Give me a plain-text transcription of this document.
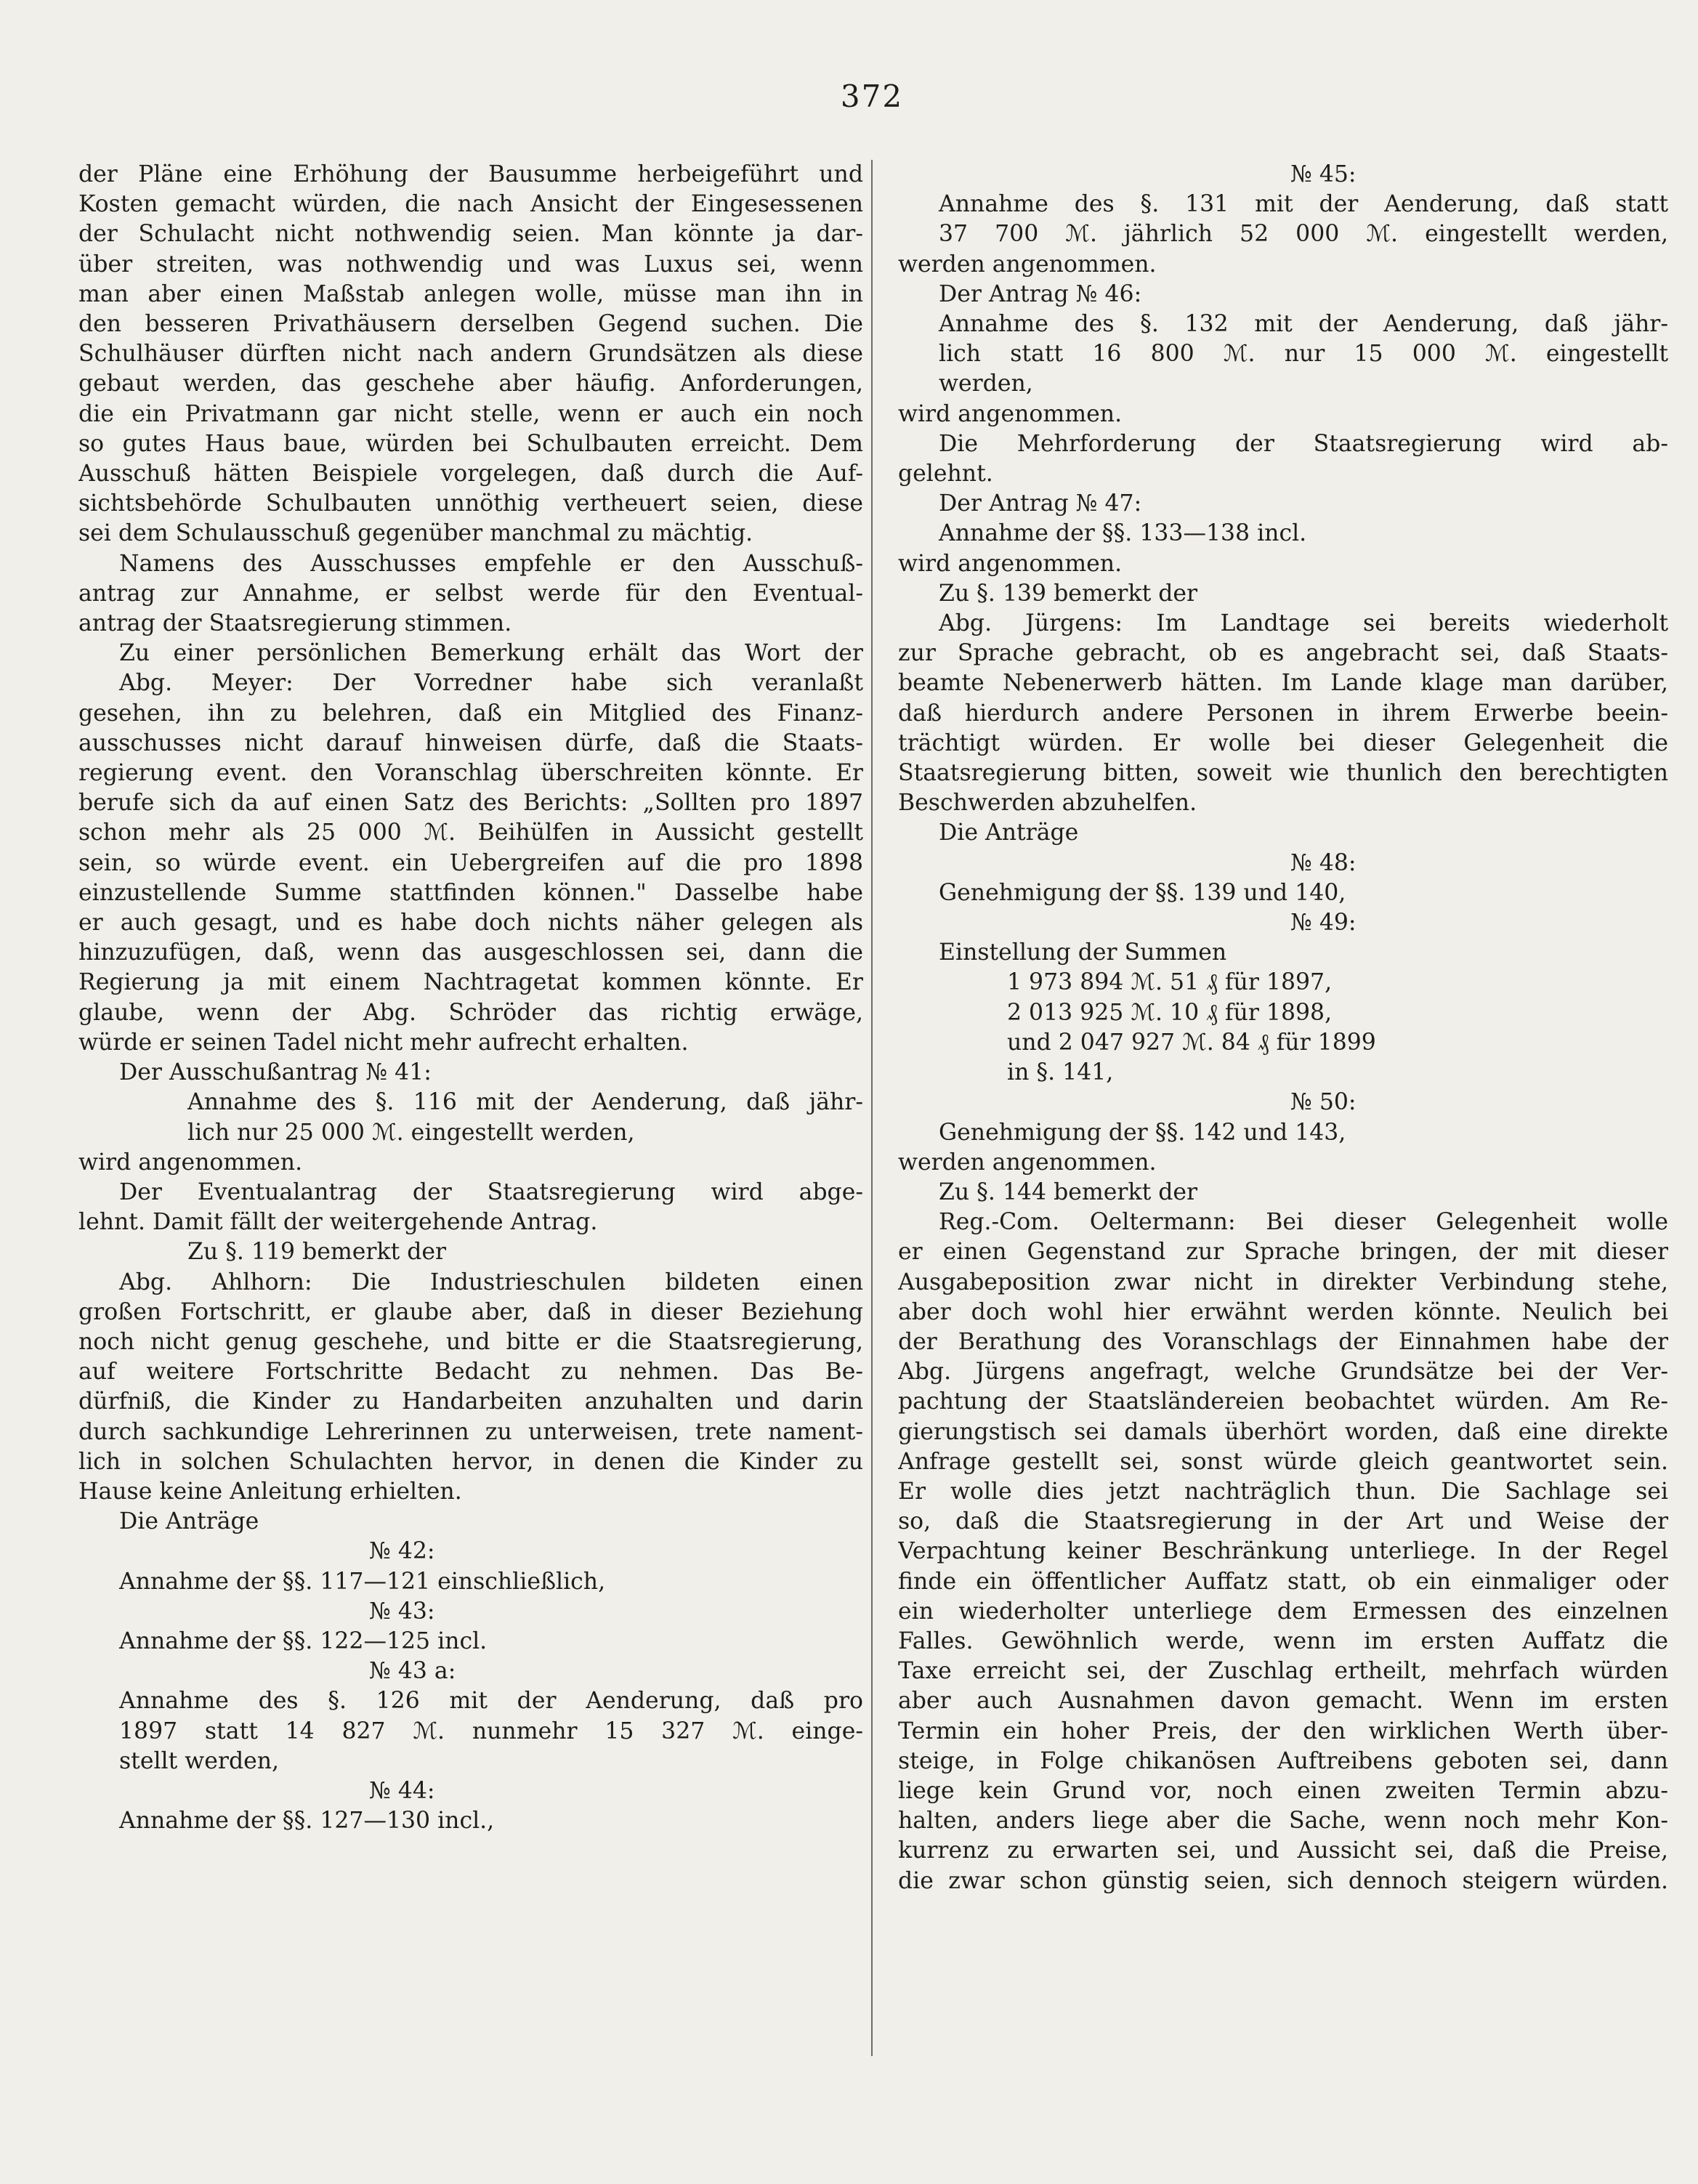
372
der Pläne eine Erhöhung der Bausumme herbeigeführt und
Kosten gemacht würden, die nach Ansicht der Eingesessenen
der Schulacht nicht nothwendig seien. Man könnte ja dar-
über streiten, was nothwendig und was Luxus sei, wenn
man aber einen Maßstab anlegen wolle, müsse man ihn in
den besseren Privathäusern derselben Gegend suchen. Die
Schulhäuser dürften nicht nach andern Grundsätzen als diese
gebaut werden, das geschehe aber häufig. Anforderungen,
die ein Privatmann gar nicht stelle, wenn er auch ein noch
so gutes Haus baue, würden bei Schulbauten erreicht. Dem
Ausschuß hätten Beispiele vorgelegen, daß durch die Auf-
sichtsbehörde Schulbauten unnöthig vertheuert seien, diese
sei dem Schulausschuß gegenüber manchmal zu mächtig.
Namens des Ausschusses empfehle er den Ausschuß-
antrag zur Annahme, er selbst werde für den Eventual-
antrag der Staatsregierung stimmen.
Zu einer persönlichen Bemerkung erhält das Wort der
Abg. Meyer: Der Vorredner habe sich veranlaßt
gesehen, ihn zu belehren, daß ein Mitglied des Finanz-
ausschusses nicht darauf hinweisen dürfe, daß die Staats-
regierung event. den Voranschlag überschreiten könnte. Er
berufe sich da auf einen Satz des Berichts: „Sollten pro 1897
schon mehr als 25 000 ℳ. Beihülfen in Aussicht gestellt
sein, so würde event. ein Uebergreifen auf die pro 1898
einzustellende Summe stattfinden können." Dasselbe habe
er auch gesagt, und es habe doch nichts näher gelegen als
hinzuzufügen, daß, wenn das ausgeschlossen sei, dann die
Regierung ja mit einem Nachtragetat kommen könnte. Er
glaube, wenn der Abg. Schröder das richtig erwäge,
würde er seinen Tadel nicht mehr aufrecht erhalten.
Der Ausschußantrag № 41:
Annahme des §. 116 mit der Aenderung, daß jähr-
lich nur 25 000 ℳ. eingestellt werden,
wird angenommen.
Der Eventualantrag der Staatsregierung wird abge-
lehnt. Damit fällt der weitergehende Antrag.
Zu §. 119 bemerkt der
Abg. Ahlhorn: Die Industrieschulen bildeten einen
großen Fortschritt, er glaube aber, daß in dieser Beziehung
noch nicht genug geschehe, und bitte er die Staatsregierung,
auf weitere Fortschritte Bedacht zu nehmen. Das Be-
dürfniß, die Kinder zu Handarbeiten anzuhalten und darin
durch sachkundige Lehrerinnen zu unterweisen, trete nament-
lich in solchen Schulachten hervor, in denen die Kinder zu
Hause keine Anleitung erhielten.
Die Anträge
№ 42:
Annahme der §§. 117—121 einschließlich,
№ 43:
Annahme der §§. 122—125 incl.
№ 43 a:
Annahme des §. 126 mit der Aenderung, daß pro
1897 statt 14 827 ℳ. nunmehr 15 327 ℳ. einge-
stellt werden,
№ 44:
Annahme der §§. 127—130 incl.,
№ 45:
Annahme des §. 131 mit der Aenderung, daß statt
37 700 ℳ. jährlich 52 000 ℳ. eingestellt werden,
werden angenommen.
Der Antrag № 46:
Annahme des §. 132 mit der Aenderung, daß jähr-
lich statt 16 800 ℳ. nur 15 000 ℳ. eingestellt
werden,
wird angenommen.
Die Mehrforderung der Staatsregierung wird ab-
gelehnt.
Der Antrag № 47:
Annahme der §§. 133—138 incl.
wird angenommen.
Zu §. 139 bemerkt der
Abg. Jürgens: Im Landtage sei bereits wiederholt
zur Sprache gebracht, ob es angebracht sei, daß Staats-
beamte Nebenerwerb hätten. Im Lande klage man darüber,
daß hierdurch andere Personen in ihrem Erwerbe beein-
trächtigt würden. Er wolle bei dieser Gelegenheit die
Staatsregierung bitten, soweit wie thunlich den berechtigten
Beschwerden abzuhelfen.
Die Anträge
№ 48:
Genehmigung der §§. 139 und 140,
№ 49:
Einstellung der Summen
1 973 894 ℳ. 51 ₰ für 1897,
2 013 925 ℳ. 10 ₰ für 1898,
und 2 047 927 ℳ. 84 ₰ für 1899
in §. 141,
№ 50:
Genehmigung der §§. 142 und 143,
werden angenommen.
Zu §. 144 bemerkt der
Reg.-Com. Oeltermann: Bei dieser Gelegenheit wolle
er einen Gegenstand zur Sprache bringen, der mit dieser
Ausgabeposition zwar nicht in direkter Verbindung stehe,
aber doch wohl hier erwähnt werden könnte. Neulich bei
der Berathung des Voranschlags der Einnahmen habe der
Abg. Jürgens angefragt, welche Grundsätze bei der Ver-
pachtung der Staatsländereien beobachtet würden. Am Re-
gierungstisch sei damals überhört worden, daß eine direkte
Anfrage gestellt sei, sonst würde gleich geantwortet sein.
Er wolle dies jetzt nachträglich thun. Die Sachlage sei
so, daß die Staatsregierung in der Art und Weise der
Verpachtung keiner Beschränkung unterliege. In der Regel
finde ein öffentlicher Auffatz statt, ob ein einmaliger oder
ein wiederholter unterliege dem Ermessen des einzelnen
Falles. Gewöhnlich werde, wenn im ersten Auffatz die
Taxe erreicht sei, der Zuschlag ertheilt, mehrfach würden
aber auch Ausnahmen davon gemacht. Wenn im ersten
Termin ein hoher Preis, der den wirklichen Werth über-
steige, in Folge chikanösen Auftreibens geboten sei, dann
liege kein Grund vor, noch einen zweiten Termin abzu-
halten, anders liege aber die Sache, wenn noch mehr Kon-
kurrenz zu erwarten sei, und Aussicht sei, daß die Preise,
die zwar schon günstig seien, sich dennoch steigern würden.
